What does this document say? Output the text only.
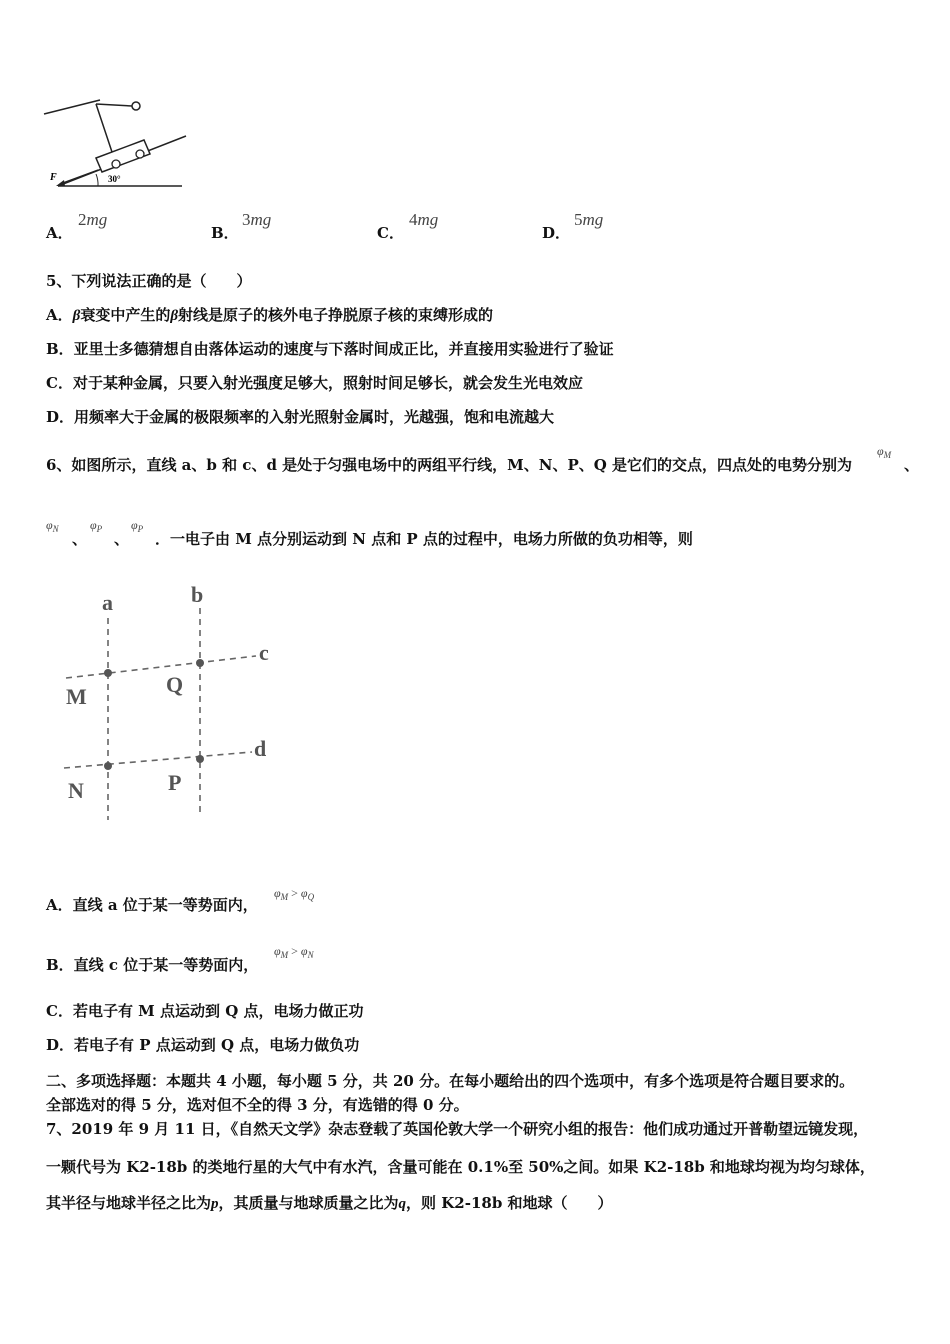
F	30°
A．
2mg
B．
3mg
C．
4mg
D．
5mg
5、下列说法正确的是（　　）
A．β衰变中产生的β射线是原子的核外电子挣脱原子核的束缚形成的
B．亚里士多德猜想自由落体运动的速度与下落时间成正比，并直接用实验进行了验证
C．对于某种金属，只要入射光强度足够大，照射时间足够长，就会发生光电效应
D．用频率大于金属的极限频率的入射光照射金属时，光越强，饱和电流越大
6、如图所示，直线 a、b 和 c、d 是处于匀强电场中的两组平行线，M、N、P、Q 是它们的交点，四点处的电势分别为
$\varphi_M$
、
$\varphi_N$
、
$\varphi_P$
、
$\varphi_P$
．一电子由 M 点分别运动到 N 点和 P 点的过程中，电场力所做的负功相等，则
a	b
c
d
M	Q
N	P
A．直线 a 位于某一等势面内，
$\varphi_M > \varphi_Q$
B．直线 c 位于某一等势面内，
$\varphi_M > \varphi_N$
C．若电子有 M 点运动到 Q 点，电场力做正功
D．若电子有 P 点运动到 Q 点，电场力做负功
二、多项选择题：本题共 4 小题，每小题 5 分，共 20 分。在每小题给出的四个选项中，有多个选项是符合题目要求的。
全部选对的得 5 分，选对但不全的得 3 分，有选错的得 0 分。
7、2019 年 9 月 11 日，《自然天文学》杂志登载了英国伦敦大学一个研究小组的报告：他们成功通过开普勒望远镜发现，
一颗代号为 K2-18b 的类地行星的大气中有水汽，含量可能在 0.1%至 50%之间。如果 K2-18b 和地球均视为均匀球体，
其半径与地球半径之比为p，其质量与地球质量之比为q，则 K2-18b 和地球（　　）
